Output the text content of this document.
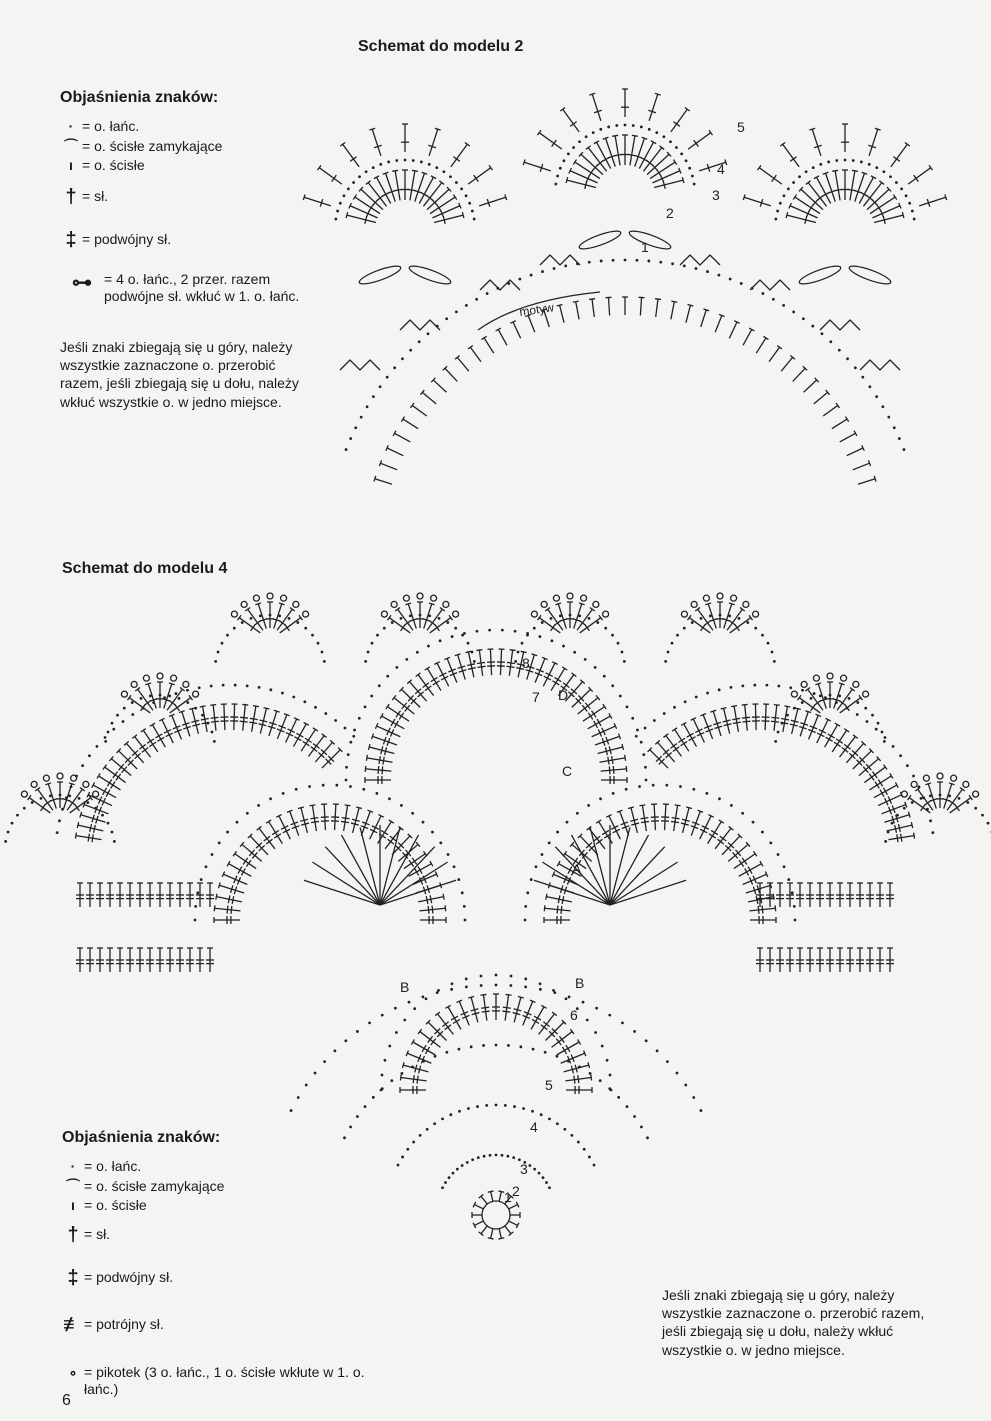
Schemat do modelu 2
Objaśnienia znaków:
· = o. łańc.
⌒ = o. ścisłe zamykające
ı = o. ścisłe
† = sł.
‡ = podwójny sł.
⊶ = 4 o. łańc., 2 przer. razem podwójne sł. wkłuć w 1. o. łańc.
Jeśli znaki zbiegają się u góry, należy wszystkie zaznaczone o. przerobić razem, jeśli zbiegają się u dołu, należy wkłuć wszystkie o. w jedno miejsce.
Schemat do modelu 4
Objaśnienia znaków:
· = o. łańc.
⌒ = o. ścisłe zamykające
ı = o. ścisłe
† = sł.
‡ = podwójny sł.
≢ = potrójny sł.
∘ = pikotek (3 o. łańc., 1 o. ścisłe wkłute w 1. o. łańc.)
Jeśli znaki zbiegają się u góry, należy wszystkie zaznaczone o. przerobić razem, jeśli zbiegają się u dołu, należy wkłuć wszystkie o. w jedno miejsce.
6
motyw
1
2
3
4
5
1 2
3
4
5
6
7
8
A
B	B
C
D
